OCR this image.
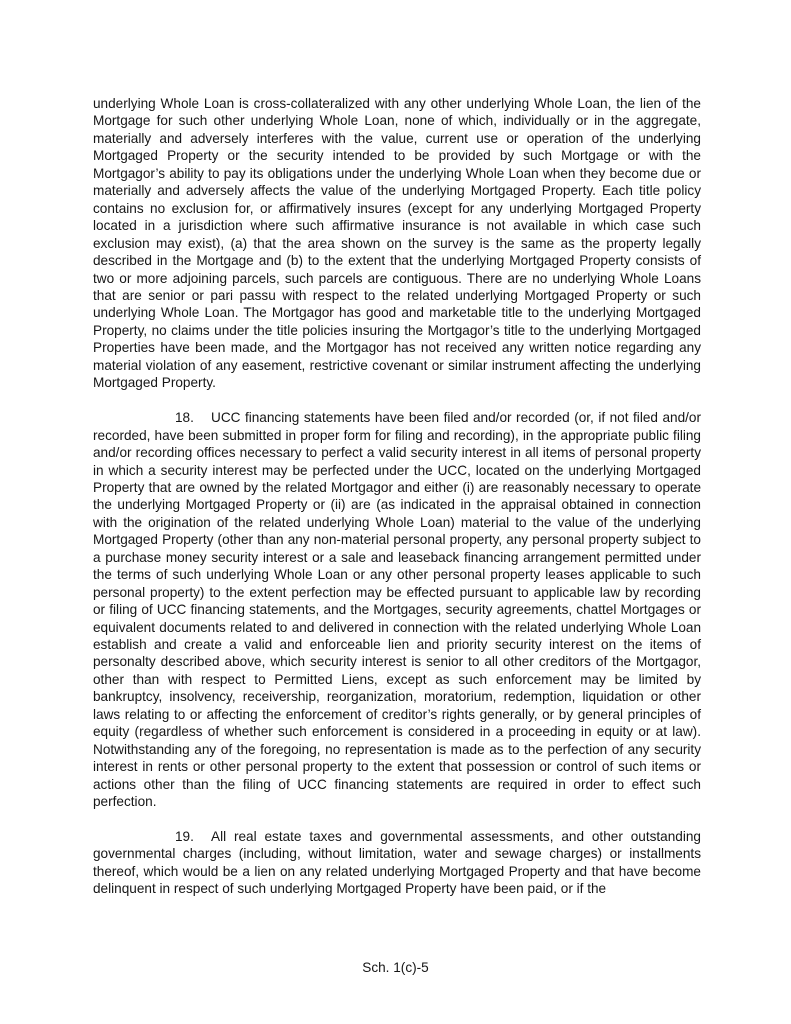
underlying Whole Loan is cross-collateralized with any other underlying Whole Loan, the lien of the Mortgage for such other underlying Whole Loan, none of which, individually or in the aggregate, materially and adversely interferes with the value, current use or operation of the underlying Mortgaged Property or the security intended to be provided by such Mortgage or with the Mortgagor’s ability to pay its obligations under the underlying Whole Loan when they become due or materially and adversely affects the value of the underlying Mortgaged Property. Each title policy contains no exclusion for, or affirmatively insures (except for any underlying Mortgaged Property located in a jurisdiction where such affirmative insurance is not available in which case such exclusion may exist), (a) that the area shown on the survey is the same as the property legally described in the Mortgage and (b) to the extent that the underlying Mortgaged Property consists of two or more adjoining parcels, such parcels are contiguous. There are no underlying Whole Loans that are senior or pari passu with respect to the related underlying Mortgaged Property or such underlying Whole Loan. The Mortgagor has good and marketable title to the underlying Mortgaged Property, no claims under the title policies insuring the Mortgagor’s title to the underlying Mortgaged Properties have been made, and the Mortgagor has not received any written notice regarding any material violation of any easement, restrictive covenant or similar instrument affecting the underlying Mortgaged Property.

18. UCC financing statements have been filed and/or recorded (or, if not filed and/or recorded, have been submitted in proper form for filing and recording), in the appropriate public filing and/or recording offices necessary to perfect a valid security interest in all items of personal property in which a security interest may be perfected under the UCC, located on the underlying Mortgaged Property that are owned by the related Mortgagor and either (i) are reasonably necessary to operate the underlying Mortgaged Property or (ii) are (as indicated in the appraisal obtained in connection with the origination of the related underlying Whole Loan) material to the value of the underlying Mortgaged Property (other than any non-material personal property, any personal property subject to a purchase money security interest or a sale and leaseback financing arrangement permitted under the terms of such underlying Whole Loan or any other personal property leases applicable to such personal property) to the extent perfection may be effected pursuant to applicable law by recording or filing of UCC financing statements, and the Mortgages, security agreements, chattel Mortgages or equivalent documents related to and delivered in connection with the related underlying Whole Loan establish and create a valid and enforceable lien and priority security interest on the items of personalty described above, which security interest is senior to all other creditors of the Mortgagor, other than with respect to Permitted Liens, except as such enforcement may be limited by bankruptcy, insolvency, receivership, reorganization, moratorium, redemption, liquidation or other laws relating to or affecting the enforcement of creditor’s rights generally, or by general principles of equity (regardless of whether such enforcement is considered in a proceeding in equity or at law). Notwithstanding any of the foregoing, no representation is made as to the perfection of any security interest in rents or other personal property to the extent that possession or control of such items or actions other than the filing of UCC financing statements are required in order to effect such perfection.

19. All real estate taxes and governmental assessments, and other outstanding governmental charges (including, without limitation, water and sewage charges) or installments thereof, which would be a lien on any related underlying Mortgaged Property and that have become delinquent in respect of such underlying Mortgaged Property have been paid, or if the

Sch. 1(c)-5
